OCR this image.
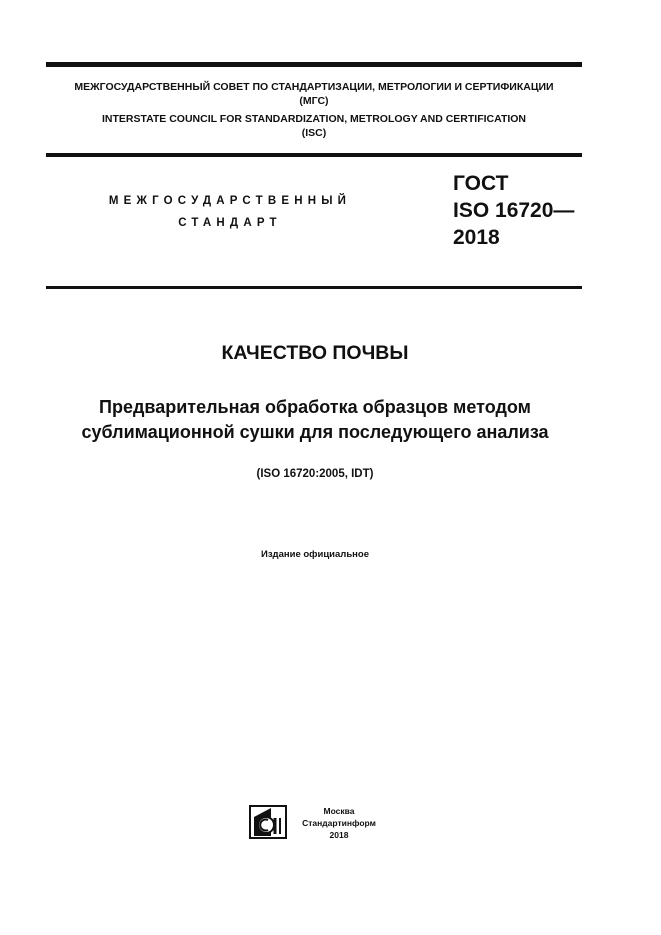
МЕЖГОСУДАРСТВЕННЫЙ СОВЕТ ПО СТАНДАРТИЗАЦИИ, МЕТРОЛОГИИ И СЕРТИФИКАЦИИ
(МГС)
INTERSTATE COUNCIL FOR STANDARDIZATION, METROLOGY AND CERTIFICATION
(ISC)
МЕЖГОСУДАРСТВЕННЫЙ
СТАНДАРТ
ГОСТ
ISO 16720—
2018
КАЧЕСТВО ПОЧВЫ
Предварительная обработка образцов методом
сублимационной сушки для последующего анализа
(ISO 16720:2005, IDT)
Издание официальное
Москва
Стандартинформ
2018
